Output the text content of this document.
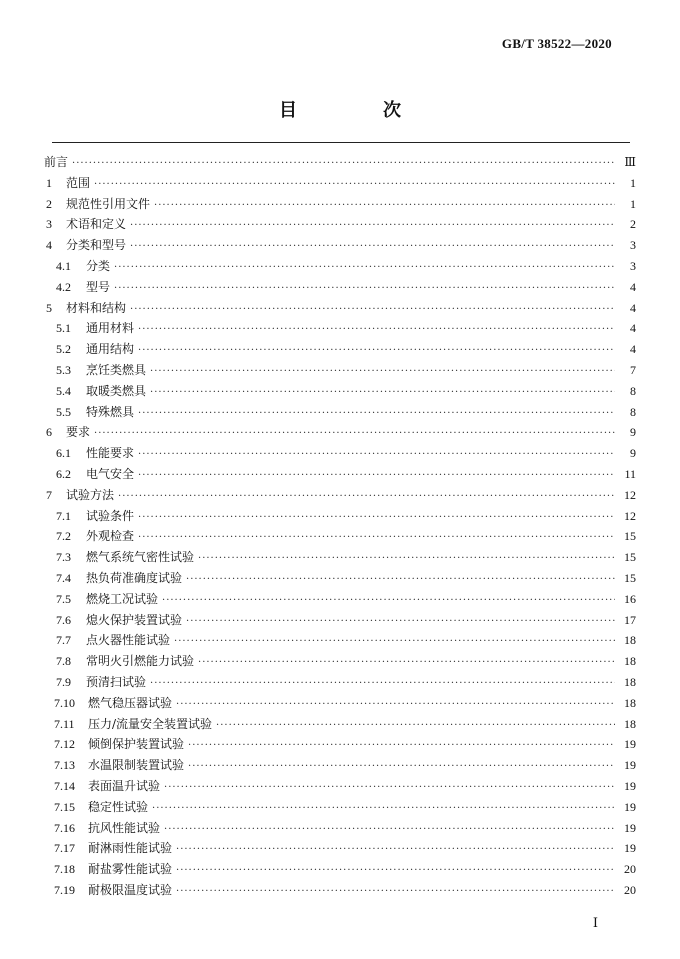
GB/T 38522—2020
目　次
前言 ·····	Ⅲ
1	范围 ·····	1
2	规范性引用文件 ·····	1
3	术语和定义 ·····	2
4	分类和型号 ·····	3
4.1	分类 ·····	3
4.2	型号 ·····	4
5	材料和结构 ·····	4
5.1	通用材料 ·····	4
5.2	通用结构 ·····	4
5.3	烹饪类燃具 ·····	7
5.4	取暖类燃具 ·····	8
5.5	特殊燃具 ·····	8
6	要求 ·····	9
6.1	性能要求 ·····	9
6.2	电气安全 ·····	11
7	试验方法 ·····	12
7.1	试验条件 ·····	12
7.2	外观检查 ·····	15
7.3	燃气系统气密性试验 ·····	15
7.4	热负荷准确度试验 ·····	15
7.5	燃烧工况试验 ·····	16
7.6	熄火保护装置试验 ·····	17
7.7	点火器性能试验 ·····	18
7.8	常明火引燃能力试验 ·····	18
7.9	预清扫试验 ·····	18
7.10	燃气稳压器试验 ·····	18
7.11	压力/流量安全装置试验 ·····	18
7.12	倾倒保护装置试验 ·····	19
7.13	水温限制装置试验 ·····	19
7.14	表面温升试验 ·····	19
7.15	稳定性试验 ·····	19
7.16	抗风性能试验 ·····	19
7.17	耐淋雨性能试验 ·····	19
7.18	耐盐雾性能试验 ·····	20
7.19	耐极限温度试验 ·····	20
Ⅰ
